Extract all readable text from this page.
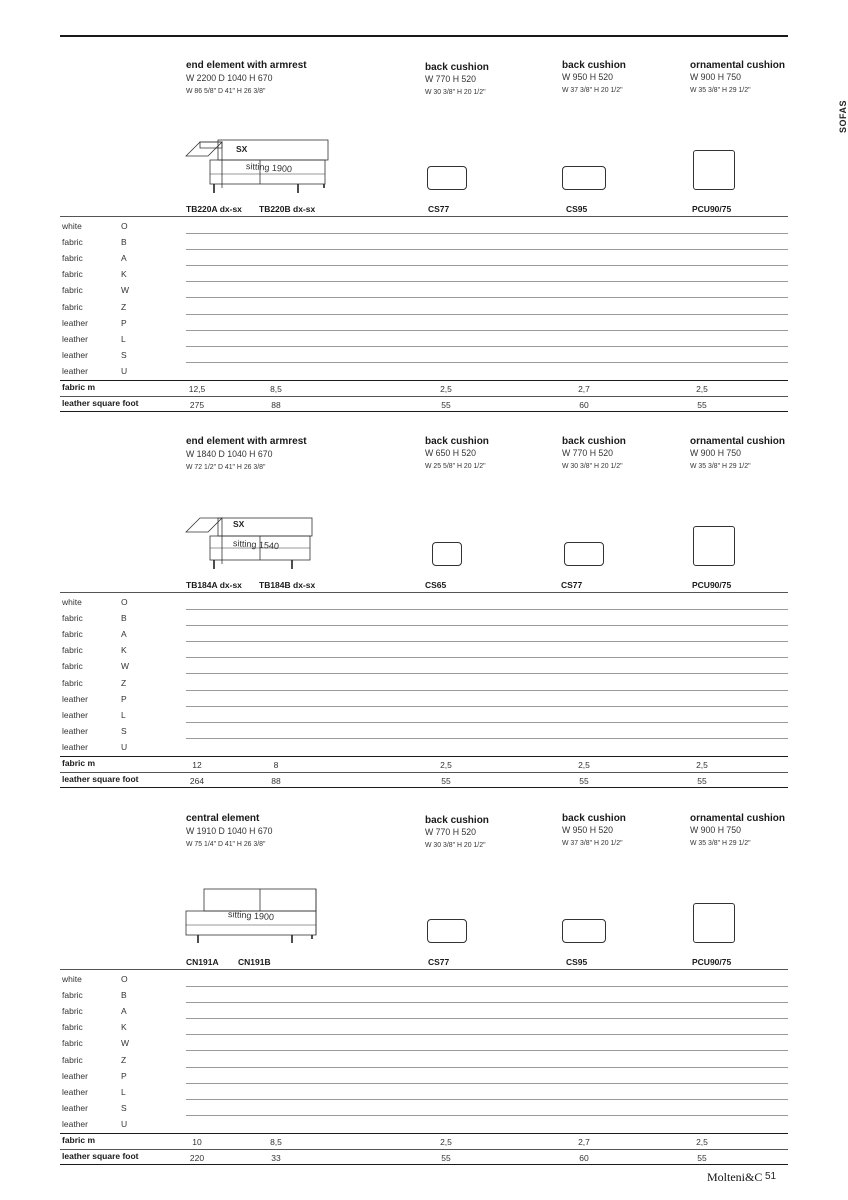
SOFAS
end element with armrest
W 2200 D 1040 H 670
W 86 5/8" D 41" H 26 3/8"
back cushion
W 770 H 520
W 30 3/8" H 20 1/2"
back cushion
W 950 H 520
W 37 3/8" H 20 1/2"
ornamental cushion
W 900 H 750
W 35 3/8" H 29 1/2"
SX
sitting 1900
TB220A dx-sx TB220B dx-sx	CS77	CS95	PCU90/75
white	O
fabric	B
fabric	A
fabric	K
fabric	W
fabric	Z
leather	P
leather	L
leather	S
leather	U
fabric m	12,5	8,5	2,5	2,7	2,5
leather square foot	275	88	55	60	55
end element with armrest
W 1840 D 1040 H 670
W 72 1/2" D 41" H 26 3/8"
back cushion
W 650 H 520
W 25 5/8" H 20 1/2"
back cushion
W 770 H 520
W 30 3/8" H 20 1/2"
ornamental cushion
W 900 H 750
W 35 3/8" H 29 1/2"
SX
sitting 1540
TB184A dx-sx TB184B dx-sx	CS65	CS77	PCU90/75
white	O
fabric	B
fabric	A
fabric	K
fabric	W
fabric	Z
leather	P
leather	L
leather	S
leather	U
fabric m	12	8	2,5	2,5	2,5
leather square foot	264	88	55	55	55
central element
W 1910 D 1040 H 670
W 75 1/4" D 41" H 26 3/8"
back cushion
W 770 H 520
W 30 3/8" H 20 1/2"
back cushion
W 950 H 520
W 37 3/8" H 20 1/2"
ornamental cushion
W 900 H 750
W 35 3/8" H 29 1/2"
sitting 1900
CN191A CN191B	CS77	CS95	PCU90/75
white	O
fabric	B
fabric	A
fabric	K
fabric	W
fabric	Z
leather	P
leather	L
leather	S
leather	U
fabric m	10	8,5	2,5	2,7	2,5
leather square foot	220	33	55	60	55
Molteni&C 51
